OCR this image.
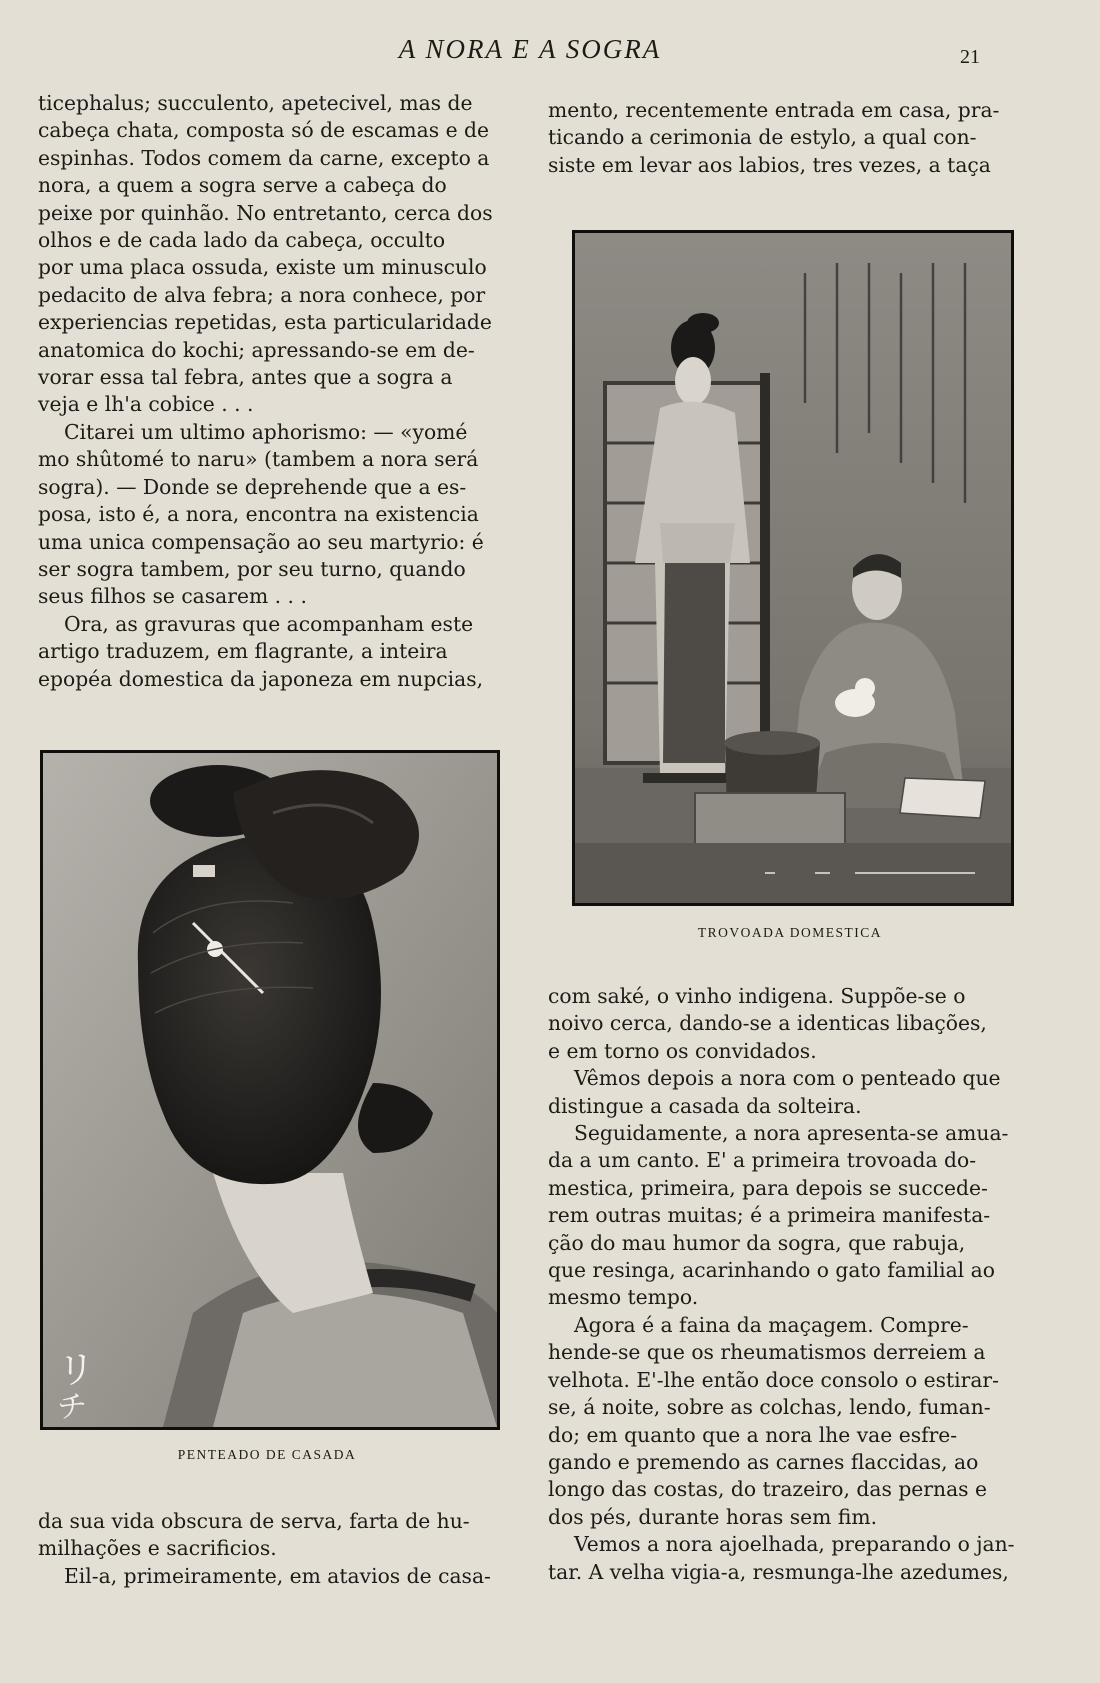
A NORA E A SOGRA	21
ticephalus; succulento, apetecivel, mas de
cabeça chata, composta só de escamas e de
espinhas. Todos comem da carne, excepto a
nora, a quem a sogra serve a cabeça do
peixe por quinhão. No entretanto, cerca dos
olhos e de cada lado da cabeça, occulto
por uma placa ossuda, existe um minusculo
pedacito de alva febra; a nora conhece, por
experiencias repetidas, esta particularidade
anatomica do kochi; apressando-se em de-
vorar essa tal febra, antes que a sogra a
veja e lh'a cobice . . .
Citarei um ultimo aphorismo: — «yomé
mo shûtomé to naru» (tambem a nora será
sogra). — Donde se deprehende que a es-
posa, isto é, a nora, encontra na existencia
uma unica compensação ao seu martyrio: é
ser sogra tambem, por seu turno, quando
seus filhos se casarem . . .
Ora, as gravuras que acompanham este
artigo traduzem, em flagrante, a inteira
epopéa domestica da japoneza em nupcias,
リ
チ
PENTEADO DE CASADA
da sua vida obscura de serva, farta de hu-
milhações e sacrificios.
Eil-a, primeiramente, em atavios de casa-
mento, recentemente entrada em casa, pra-
ticando a cerimonia de estylo, a qual con-
siste em levar aos labios, tres vezes, a taça
TROVOADA DOMESTICA
com saké, o vinho indigena. Suppõe-se o
noivo cerca, dando-se a identicas libações,
e em torno os convidados.
Vêmos depois a nora com o penteado que
distingue a casada da solteira.
Seguidamente, a nora apresenta-se amua-
da a um canto. E' a primeira trovoada do-
mestica, primeira, para depois se succede-
rem outras muitas; é a primeira manifesta-
ção do mau humor da sogra, que rabuja,
que resinga, acarinhando o gato familial ao
mesmo tempo.
Agora é a faina da maçagem. Compre-
hende-se que os rheumatismos derreiem a
velhota. E'-lhe então doce consolo o estirar-
se, á noite, sobre as colchas, lendo, fuman-
do; em quanto que a nora lhe vae esfre-
gando e premendo as carnes flaccidas, ao
longo das costas, do trazeiro, das pernas e
dos pés, durante horas sem fim.
Vemos a nora ajoelhada, preparando o jan-
tar. A velha vigia-a, resmunga-lhe azedumes,
